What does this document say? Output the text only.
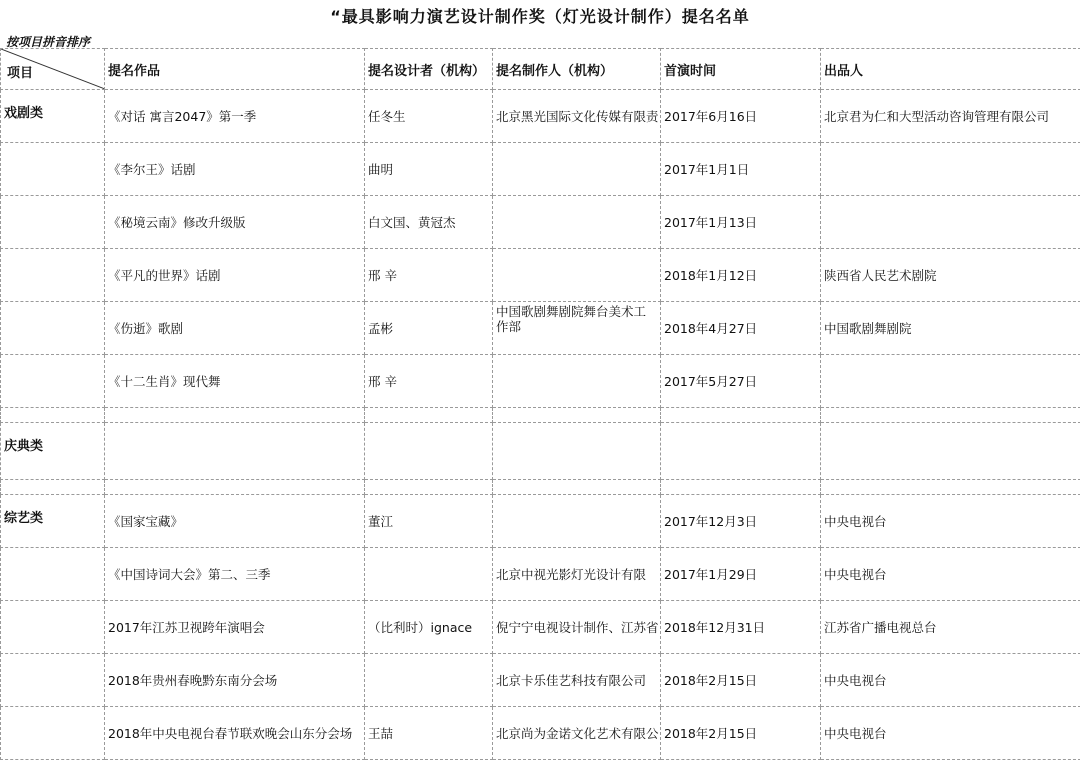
“最具影响力演艺设计制作奖（灯光设计制作）提名名单
按项目拼音排序
项目	提名作品	提名设计者（机构）	提名制作人（机构）	首演时间	出品人
戏剧类	《对话 寓言2047》第一季	任冬生	北京黑光国际文化传媒有限责	2017年6月16日	北京君为仁和大型活动咨询管理有限公司
	《李尔王》话剧	曲明		2017年1月1日	
	《秘境云南》修改升级版	白文国、黄冠杰		2017年1月13日	
	《平凡的世界》话剧	邢 辛		2018年1月12日	陕西省人民艺术剧院
	《伤逝》歌剧	孟彬	中国歌剧舞剧院舞台美术工作部	2018年4月27日	中国歌剧舞剧院
	《十二生肖》现代舞	邢 辛		2017年5月27日	

庆典类					

综艺类	《国家宝藏》	董江		2017年12月3日	中央电视台
	《中国诗词大会》第二、三季		北京中视光影灯光设计有限	2017年1月29日	中央电视台
	2017年江苏卫视跨年演唱会	（比利时）ignace	倪宁宁电视设计制作、江苏省	2018年12月31日	江苏省广播电视总台
	2018年贵州春晚黔东南分会场		北京卡乐佳艺科技有限公司	2018年2月15日	中央电视台
	2018年中央电视台春节联欢晚会山东分会场	王喆	北京尚为金诺文化艺术有限公	2018年2月15日	中央电视台
